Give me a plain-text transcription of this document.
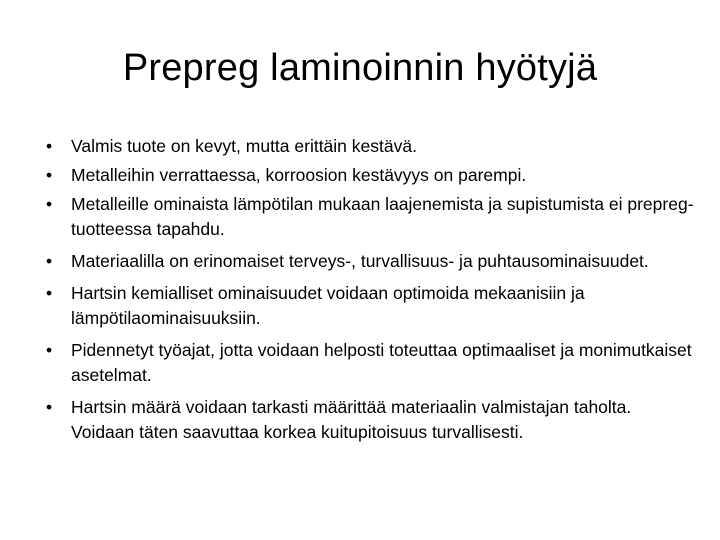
Prepreg laminoinnin hyötyjä
•	Valmis tuote on kevyt, mutta erittäin kestävä.
•	Metalleihin verrattaessa, korroosion kestävyys on parempi.
•	Metalleille ominaista lämpötilan mukaan laajenemista ja supistumista ei prepreg-tuotteessa tapahdu.
•	Materiaalilla on erinomaiset terveys-, turvallisuus- ja puhtausominaisuudet.
•	Hartsin kemialliset ominaisuudet voidaan optimoida mekaanisiin ja lämpötilaominaisuuksiin.
•	Pidennetyt työajat, jotta voidaan helposti toteuttaa optimaaliset ja monimutkaiset asetelmat.
•	Hartsin määrä voidaan tarkasti määrittää materiaalin valmistajan taholta. Voidaan täten saavuttaa korkea kuitupitoisuus turvallisesti.
